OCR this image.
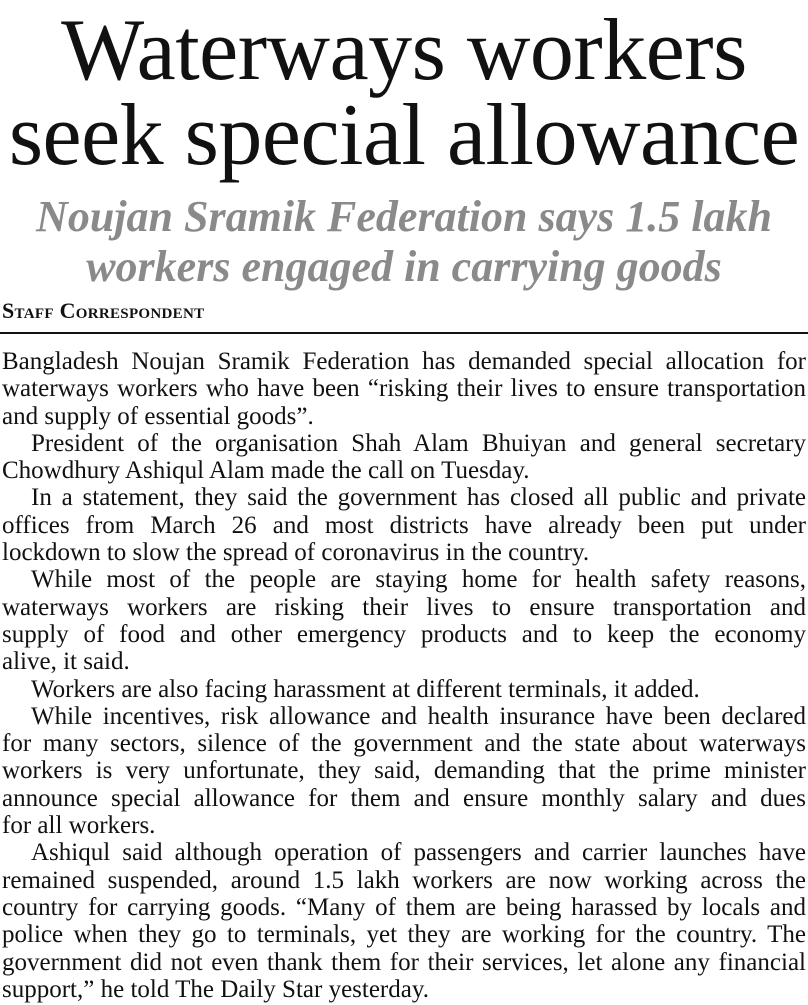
Waterways workers
seek special allowance
Noujan Sramik Federation says 1.5 lakh
workers engaged in carrying goods
Staff Correspondent

Bangladesh Noujan Sramik Federation has demanded special allocation for
waterways workers who have been “risking their lives to ensure transportation
and supply of essential goods”.

President of the organisation Shah Alam Bhuiyan and general secretary
Chowdhury Ashiqul Alam made the call on Tuesday.

In a statement, they said the government has closed all public and private
offices from March 26 and most districts have already been put under
lockdown to slow the spread of coronavirus in the country.

While most of the people are staying home for health safety reasons,
waterways workers are risking their lives to ensure transportation and
supply of food and other emergency products and to keep the economy
alive, it said.

Workers are also facing harassment at different terminals, it added.

While incentives, risk allowance and health insurance have been declared
for many sectors, silence of the government and the state about waterways
workers is very unfortunate, they said, demanding that the prime minister
announce special allowance for them and ensure monthly salary and dues
for all workers.

Ashiqul said although operation of passengers and carrier launches have
remained suspended, around 1.5 lakh workers are now working across the
country for carrying goods. “Many of them are being harassed by locals and
police when they go to terminals, yet they are working for the country. The
government did not even thank them for their services, let alone any financial
support,” he told The Daily Star yesterday.
